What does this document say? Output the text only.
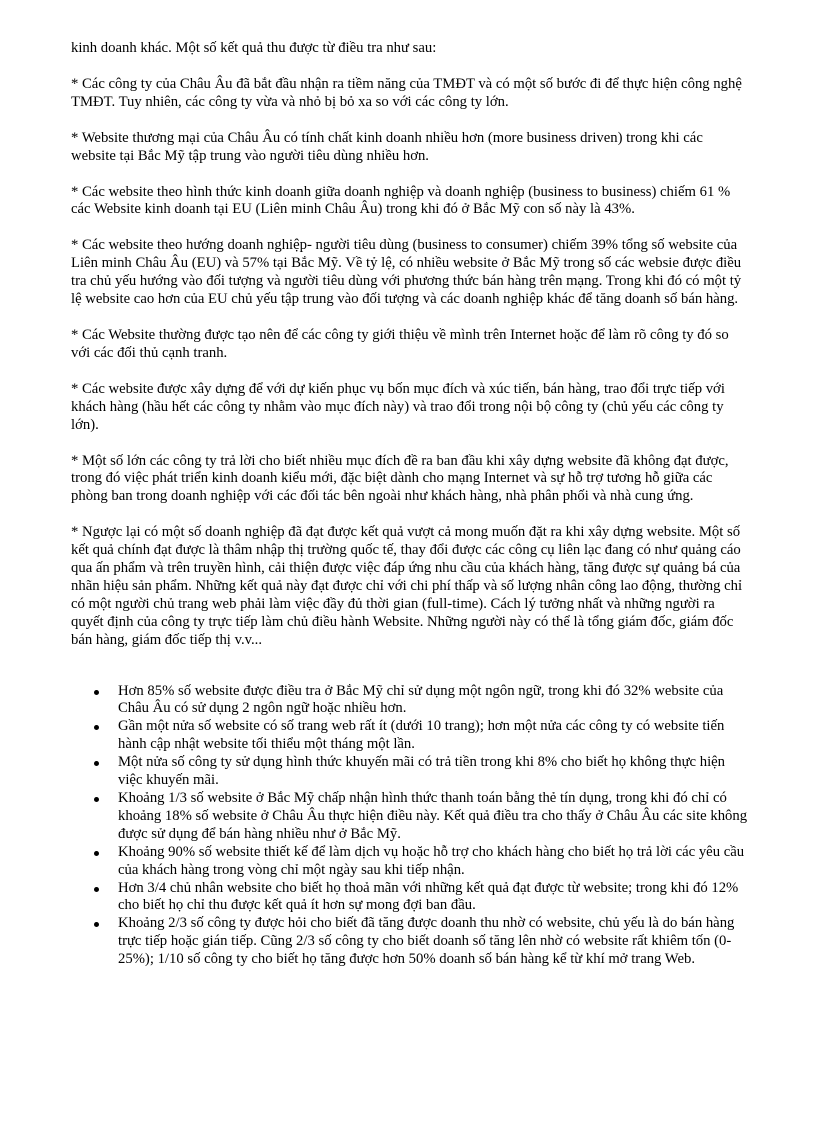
kinh doanh khác. Một số kết quả thu được từ điều tra như sau:

* Các công ty của Châu Âu đã bắt đầu nhận ra tiềm năng của TMĐT và có một số bước đi để thực hiện công nghệ TMĐT. Tuy nhiên, các công ty vừa và nhỏ bị bỏ xa so với các công ty lớn.

* Website thương mại của Châu Âu có tính chất kinh doanh nhiều hơn (more business driven) trong khi các website tại Bắc Mỹ tập trung vào người tiêu dùng nhiều hơn.

* Các website theo hình thức kinh doanh giữa doanh nghiệp và doanh nghiệp (business to business) chiếm 61 % các Website kinh doanh tại EU (Liên minh Châu Âu) trong khi đó ở Bắc Mỹ con số này là 43%.

* Các website theo hướng doanh nghiệp- người tiêu dùng (business to consumer) chiếm 39% tổng số website của Liên minh Châu Âu (EU) và 57% tại Bắc Mỹ. Về tỷ lệ, có nhiều website ở Bắc Mỹ trong số các websie được điều tra chủ yếu hướng vào đối tượng và người tiêu dùng với phương thức bán hàng trên mạng. Trong khi đó có một tỷ lệ website cao hơn của EU chủ yếu tập trung vào đối tượng và các doanh nghiệp khác để tăng doanh số bán hàng.

* Các Website thường được tạo nên để các công ty giới thiệu về mình trên Internet hoặc để làm rõ công ty đó so với các đối thủ cạnh tranh.

* Các website được xây dựng để với dự kiến phục vụ bốn mục đích và xúc tiến, bán hàng, trao đổi trực tiếp với khách hàng (hầu hết các công ty nhằm vào mục đích này) và trao đổi trong nội bộ công ty (chủ yếu các công ty lớn).

* Một số lớn các công ty trả lời cho biết nhiều mục đích đề ra ban đầu khi xây dựng website đã không đạt được, trong đó việc phát triển kinh doanh kiểu mới, đặc biệt dành cho mạng Internet và sự hỗ trợ tương hỗ giữa các phòng ban trong doanh nghiệp với các đối tác bên ngoài như khách hàng, nhà phân phối và nhà cung ứng.

* Ngược lại có một số doanh nghiệp đã đạt được kết quả vượt cả mong muốn đặt ra khi xây dựng website. Một số kết quả chính đạt được là thâm nhập thị trường quốc tế, thay đổi được các công cụ liên lạc đang có như quảng cáo qua ấn phẩm và trên truyền hình, cải thiện được việc đáp ứng nhu cầu của khách hàng, tăng được sự quảng bá của nhãn hiệu sản phẩm. Những kết quả này đạt được chỉ với chi phí thấp và số lượng nhân công lao động, thường chỉ có một người chủ trang web phải làm việc đầy đủ thời gian (full-time). Cách lý tưởng nhất và những người ra quyết định của công ty trực tiếp làm chủ điều hành Website. Những người này có thể là tổng giám đốc, giám đốc bán hàng, giám đốc tiếp thị v.v...

Hơn 85% số website được điều tra ở Bắc Mỹ chỉ sử dụng một ngôn ngữ, trong khi đó 32% website của Châu Âu có sử dụng 2 ngôn ngữ hoặc nhiều hơn.
Gần một nửa số website có số trang web rất ít (dưới 10 trang); hơn một nửa các công ty có website tiến hành cập nhật website tối thiểu một tháng một lần.
Một nửa số công ty sử dụng hình thức khuyến mãi có trả tiền trong khi 8% cho biết họ không thực hiện việc khuyến mãi.
Khoảng 1/3 số website ở Bắc Mỹ chấp nhận hình thức thanh toán bằng thẻ tín dụng, trong khi đó chỉ có khoảng 18% số website ở Châu Âu thực hiện điều này. Kết quả điều tra cho thấy ở Châu Âu các site không được sử dụng để bán hàng nhiều như ở Bắc Mỹ.
Khoảng 90% số website thiết kế để làm dịch vụ hoặc hỗ trợ cho khách hàng cho biết họ trả lời các yêu cầu của khách hàng trong vòng chỉ một ngày sau khi tiếp nhận.
Hơn 3/4 chủ nhân website cho biết họ thoả mãn với những kết quả đạt được từ website; trong khi đó 12% cho biết họ chỉ thu được kết quả ít hơn sự mong đợi ban đầu.
Khoảng 2/3 số công ty được hỏi cho biết đã tăng được doanh thu nhờ có website, chủ yếu là do bán hàng trực tiếp hoặc gián tiếp. Cũng 2/3 số công ty cho biết doanh số tăng lên nhờ có website rất khiêm tốn (0-25%); 1/10 số công ty cho biết họ tăng được hơn 50% doanh số bán hàng kể từ khí mở trang Web.
